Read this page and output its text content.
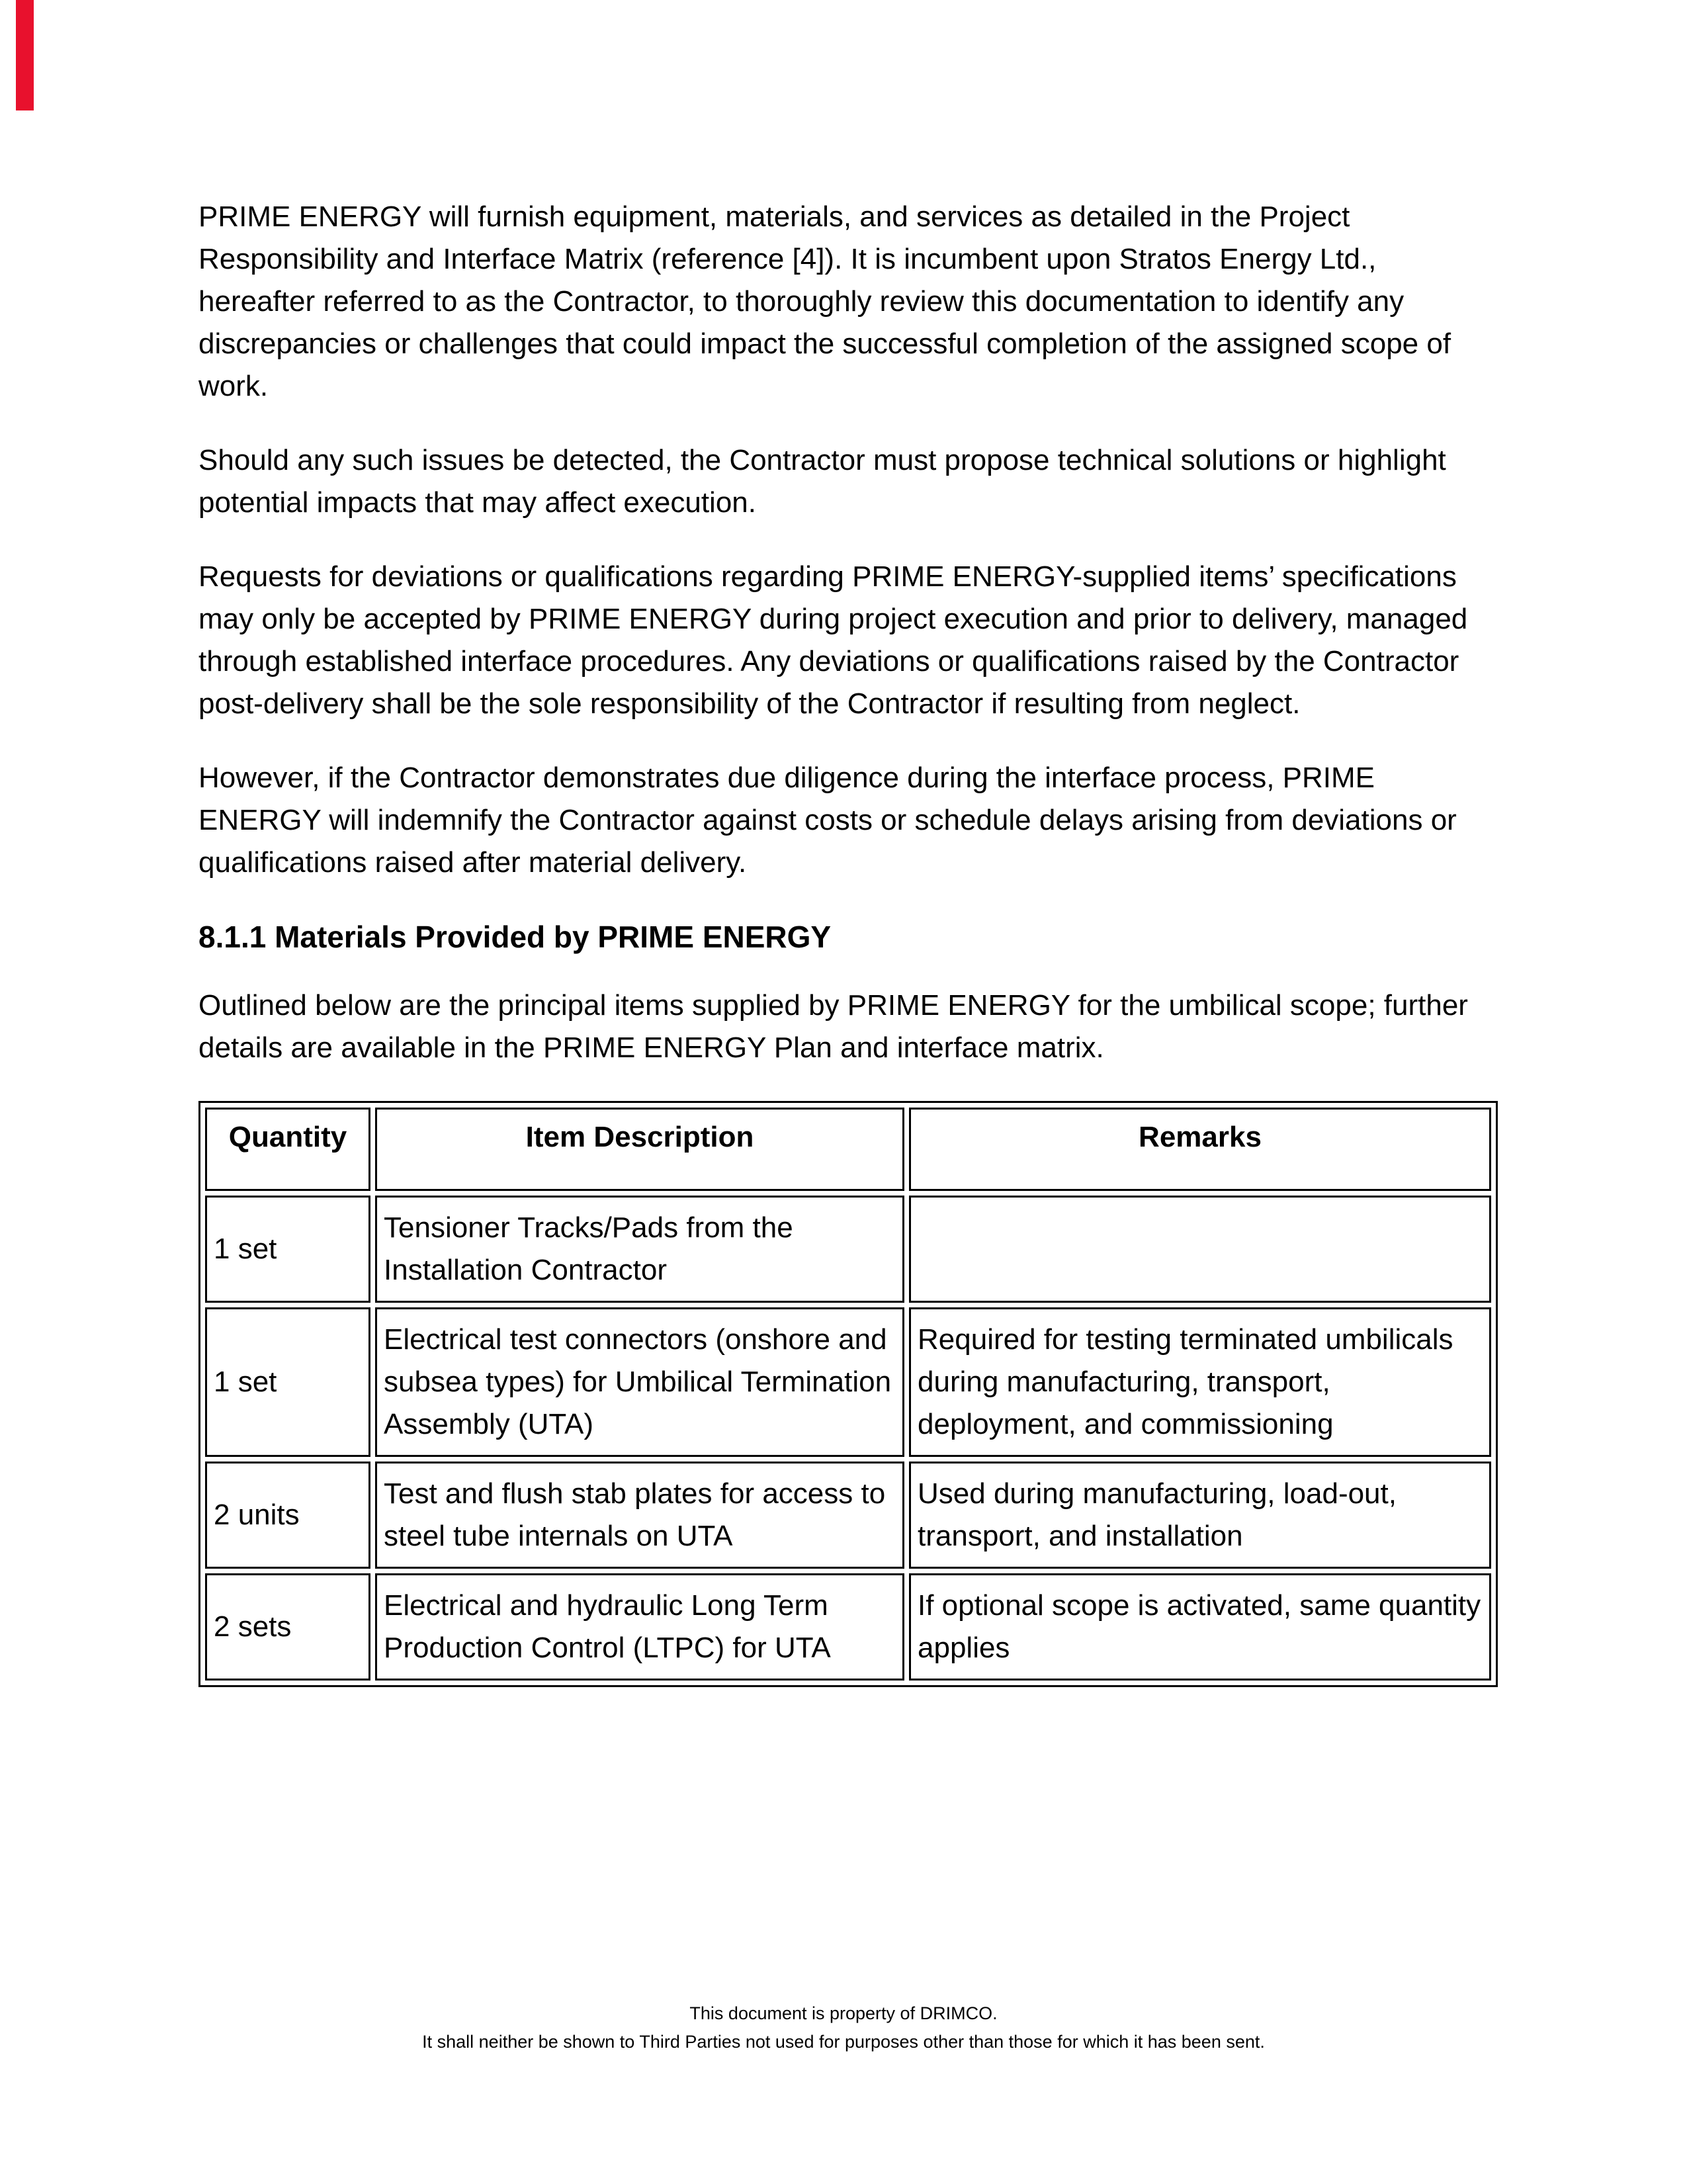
PRIME ENERGY will furnish equipment, materials, and services as detailed in the Project Responsibility and Interface Matrix (reference [4]). It is incumbent upon Stratos Energy Ltd., hereafter referred to as the Contractor, to thoroughly review this documentation to identify any discrepancies or challenges that could impact the successful completion of the assigned scope of work.

Should any such issues be detected, the Contractor must propose technical solutions or highlight potential impacts that may affect execution.

Requests for deviations or qualifications regarding PRIME ENERGY-supplied items’ specifications may only be accepted by PRIME ENERGY during project execution and prior to delivery, managed through established interface procedures. Any deviations or qualifications raised by the Contractor post-delivery shall be the sole responsibility of the Contractor if resulting from neglect.

However, if the Contractor demonstrates due diligence during the interface process, PRIME ENERGY will indemnify the Contractor against costs or schedule delays arising from deviations or qualifications raised after material delivery.

8.1.1 Materials Provided by PRIME ENERGY

Outlined below are the principal items supplied by PRIME ENERGY for the umbilical scope; further details are available in the PRIME ENERGY Plan and interface matrix.

Quantity	Item Description	Remarks
1 set	Tensioner Tracks/Pads from the Installation Contractor	
1 set	Electrical test connectors (onshore and subsea types) for Umbilical Termination Assembly (UTA)	Required for testing terminated umbilicals during manufacturing, transport, deployment, and commissioning
2 units	Test and flush stab plates for access to steel tube internals on UTA	Used during manufacturing, load-out, transport, and installation
2 sets	Electrical and hydraulic Long Term Production Control (LTPC) for UTA	If optional scope is activated, same quantity applies
This document is property of DRIMCO.
It shall neither be shown to Third Parties not used for purposes other than those for which it has been sent.
